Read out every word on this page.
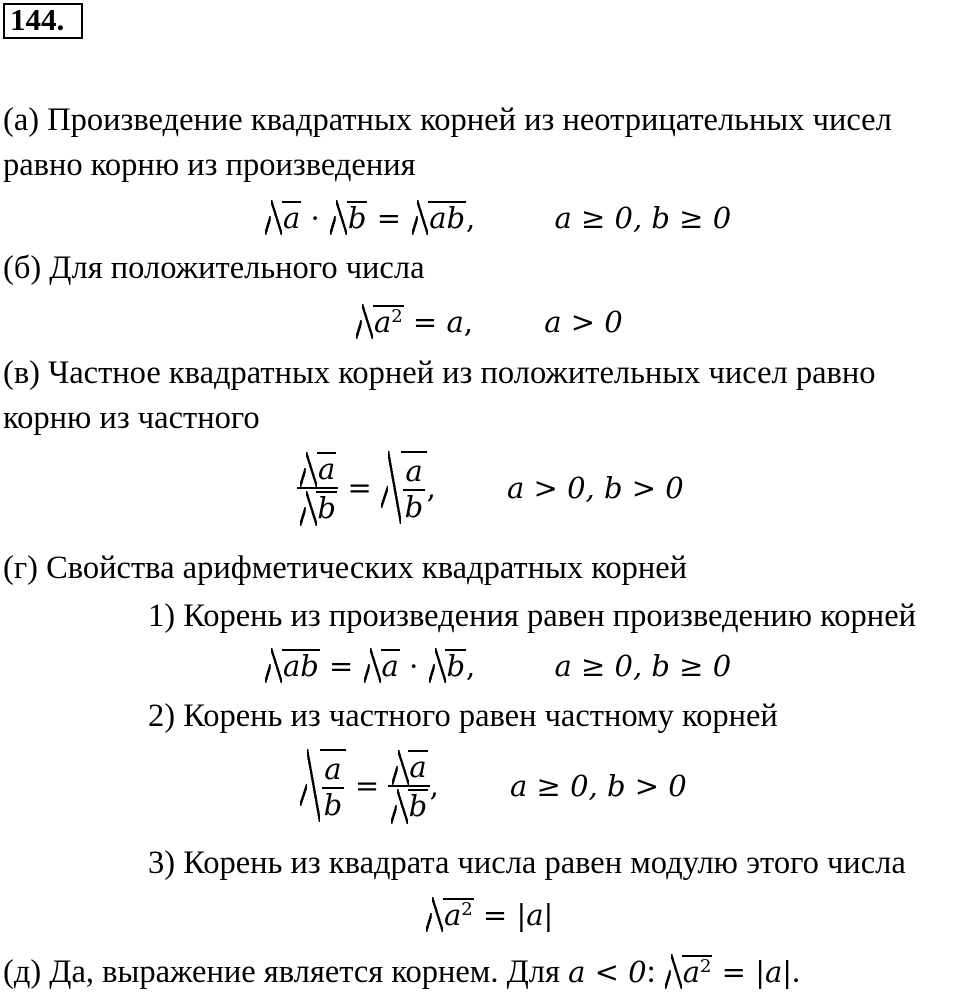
144.
(а) Произведение квадратных корней из неотрицательных чисел
равно корню из произведения
a · b = ab,	a ≥ 0, b ≥ 0
(б) Для положительного числа
$a^2 = a$, a > 0
(в) Частное квадратных корней из положительных чисел равно
корню из частного
$\frac{a}{b} = \frac{a}{b}$ , a > 0, b > 0
(г) Свойства арифметических квадратных корней
1) Корень из произведения равен произведению корней
ab = a · b,	a ≥ 0, b ≥ 0
2) Корень из частного равен частному корней
$\frac{a}{b} = \frac{a}{b}$ , a ≥ 0, b > 0
3) Корень из квадрата числа равен модулю этого числа
$a^2 = |a|$
(д) Да, выражение является корнем. Для a < 0: $a^2 = |a|$.
